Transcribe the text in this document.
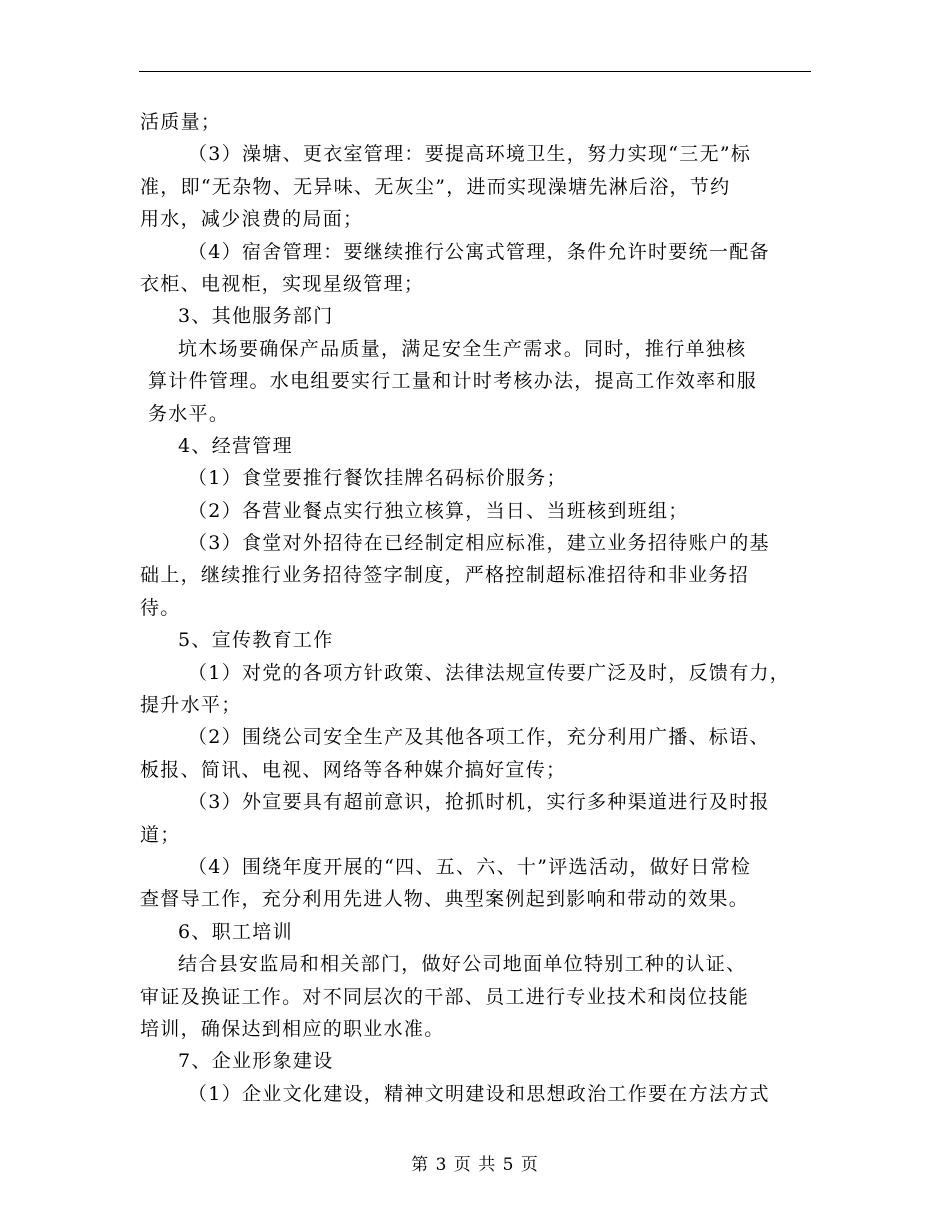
活质量；
（3）澡塘、更衣室管理：要提高环境卫生，努力实现“三无”标
准，即“无杂物、无异味、无灰尘”，进而实现澡塘先淋后浴，节约
用水，减少浪费的局面；
（4）宿舍管理：要继续推行公寓式管理，条件允许时要统一配备
衣柜、电视柜，实现星级管理；
3、其他服务部门
坑木场要确保产品质量，满足安全生产需求。同时，推行单独核
算计件管理。水电组要实行工量和计时考核办法，提高工作效率和服
务水平。
4、经营管理
（1）食堂要推行餐饮挂牌名码标价服务；
（2）各营业餐点实行独立核算，当日、当班核到班组；
（3）食堂对外招待在已经制定相应标准，建立业务招待账户的基
础上，继续推行业务招待签字制度，严格控制超标准招待和非业务招
待。
5、宣传教育工作
（1）对党的各项方针政策、法律法规宣传要广泛及时，反馈有力，
提升水平；
（2）围绕公司安全生产及其他各项工作，充分利用广播、标语、
板报、简讯、电视、网络等各种媒介搞好宣传；
（3）外宣要具有超前意识，抢抓时机，实行多种渠道进行及时报
道；
（4）围绕年度开展的“四、五、六、十”评选活动，做好日常检
查督导工作，充分利用先进人物、典型案例起到影响和带动的效果。
6、职工培训
结合县安监局和相关部门，做好公司地面单位特别工种的认证、
审证及换证工作。对不同层次的干部、员工进行专业技术和岗位技能
培训，确保达到相应的职业水准。
7、企业形象建设
（1）企业文化建设，精神文明建设和思想政治工作要在方法方式
第 3 页 共 5 页
